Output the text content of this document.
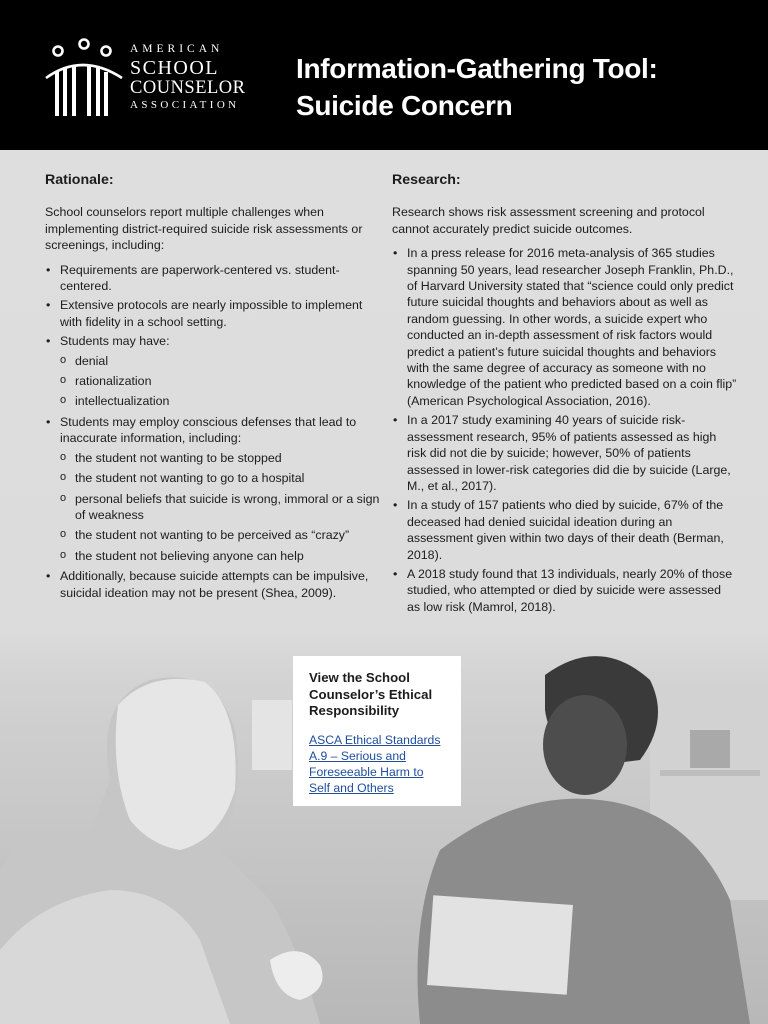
AMERICAN
SCHOOL
COUNSELOR
ASSOCIATION
Information-Gathering Tool:
Suicide Concern
Rationale:

School counselors report multiple challenges when implementing district-required suicide risk assessments or screenings, including:

• Requirements are paperwork-centered vs. student-centered.
• Extensive protocols are nearly impossible to implement with fidelity in a school setting.
• Students may have:
o denial
o rationalization
o intellectualization
• Students may employ conscious defenses that lead to inaccurate information, including:
o the student not wanting to be stopped
o the student not wanting to go to a hospital
o personal beliefs that suicide is wrong, immoral or a sign of weakness
o the student not wanting to be perceived as “crazy”
o the student not believing anyone can help
• Additionally, because suicide attempts can be impulsive, suicidal ideation may not be present (Shea, 2009).
Research:

Research shows risk assessment screening and protocol cannot accurately predict suicide outcomes.

• In a press release for 2016 meta-analysis of 365 studies spanning 50 years, lead researcher Joseph Franklin, Ph.D., of Harvard University stated that “science could only predict future suicidal thoughts and behaviors about as well as random guessing. In other words, a suicide expert who conducted an in-depth assessment of risk factors would predict a patient’s future suicidal thoughts and behaviors with the same degree of accuracy as someone with no knowledge of the patient who predicted based on a coin flip” (American Psychological Association, 2016).
• In a 2017 study examining 40 years of suicide risk-assessment research, 95% of patients assessed as high risk did not die by suicide; however, 50% of patients assessed in lower-risk categories did die by suicide (Large, M., et al., 2017).
• In a study of 157 patients who died by suicide, 67% of the deceased had denied suicidal ideation during an assessment given within two days of their death (Berman, 2018).
• A 2018 study found that 13 individuals, nearly 20% of those studied, who attempted or died by suicide were assessed as low risk (Mamrol, 2018).
View the School Counselor’s Ethical Responsibility
ASCA Ethical Standards A.9 – Serious and Foreseeable Harm to Self and Others
